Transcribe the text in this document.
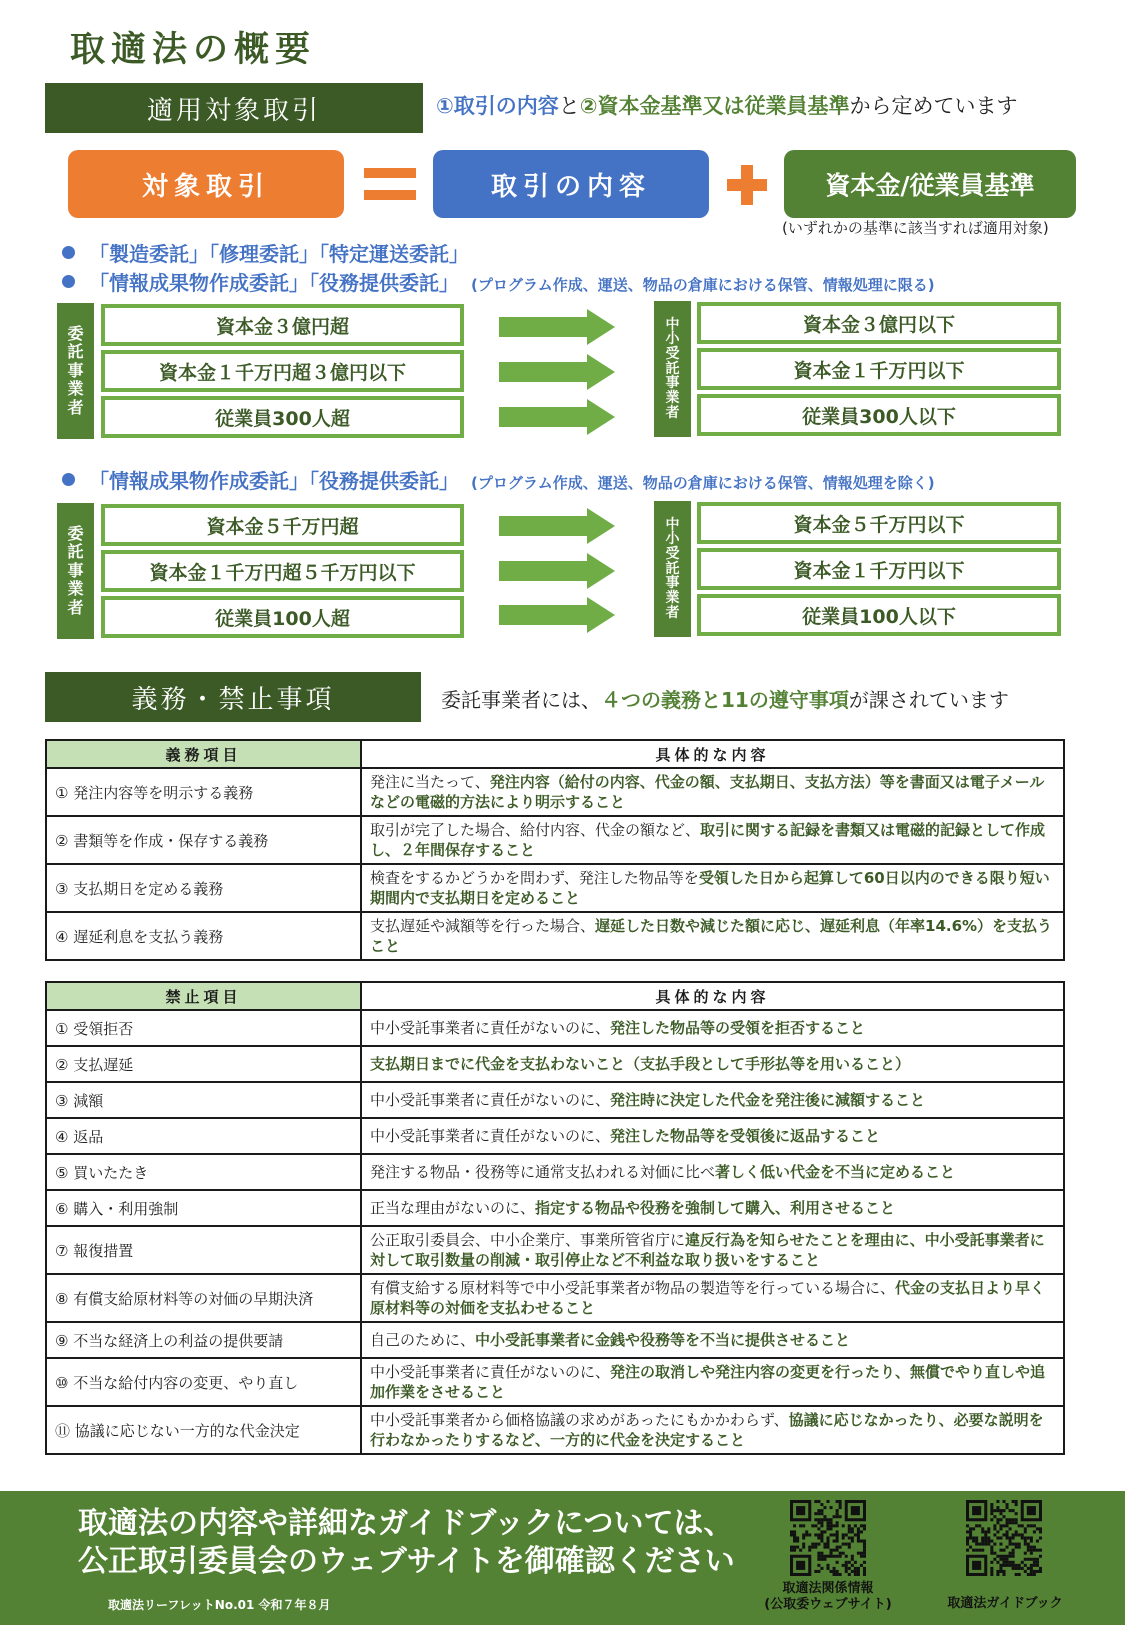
取適法の概要
適用対象取引	①取引の内容と②資本金基準又は従業員基準から定めています
対象取引	取引の内容	資本金/従業員基準
(いずれかの基準に該当すれば適用対象)
「製造委託」「修理委託」「特定運送委託」
「情報成果物作成委託」「役務提供委託」 (プログラム作成、運送、物品の倉庫における保管、情報処理に限る)
委
託
事
業
者
資本金３億円超
資本金１千万円超３億円以下
従業員300人超
中
小
受
託
事
業
者
資本金３億円以下
資本金１千万円以下
従業員300人以下
「情報成果物作成委託」「役務提供委託」 (プログラム作成、運送、物品の倉庫における保管、情報処理を除く)
委
託
事
業
者
資本金５千万円超
資本金１千万円超５千万円以下
従業員100人超
中
小
受
託
事
業
者
資本金５千万円以下
資本金１千万円以下
従業員100人以下
義務・禁止事項	委託事業者には、４つの義務と11の遵守事項が課されています
義務項目	具体的な内容
① 発注内容等を明示する義務	発注に当たって、発注内容（給付の内容、代金の額、支払期日、支払方法）等を書面又は電子メールなどの電磁的方法により明示すること
② 書類等を作成・保存する義務	取引が完了した場合、給付内容、代金の額など、取引に関する記録を書類又は電磁的記録として作成し、２年間保存すること
③ 支払期日を定める義務	検査をするかどうかを問わず、発注した物品等を受領した日から起算して60日以内のできる限り短い期間内で支払期日を定めること
④ 遅延利息を支払う義務	支払遅延や減額等を行った場合、遅延した日数や減じた額に応じ、遅延利息（年率14.6%）を支払うこと
禁止項目	具体的な内容
① 受領拒否	中小受託事業者に責任がないのに、発注した物品等の受領を拒否すること
② 支払遅延	支払期日までに代金を支払わないこと（支払手段として手形払等を用いること）
③ 減額	中小受託事業者に責任がないのに、発注時に決定した代金を発注後に減額すること
④ 返品	中小受託事業者に責任がないのに、発注した物品等を受領後に返品すること
⑤ 買いたたき	発注する物品・役務等に通常支払われる対価に比べ著しく低い代金を不当に定めること
⑥ 購入・利用強制	正当な理由がないのに、指定する物品や役務を強制して購入、利用させること
⑦ 報復措置	公正取引委員会、中小企業庁、事業所管省庁に違反行為を知らせたことを理由に、中小受託事業者に対して取引数量の削減・取引停止など不利益な取り扱いをすること
⑧ 有償支給原材料等の対価の早期決済	有償支給する原材料等で中小受託事業者が物品の製造等を行っている場合に、代金の支払日より早く原材料等の対価を支払わせること
⑨ 不当な経済上の利益の提供要請	自己のために、中小受託事業者に金銭や役務等を不当に提供させること
⑩ 不当な給付内容の変更、やり直し	中小受託事業者に責任がないのに、発注の取消しや発注内容の変更を行ったり、無償でやり直しや追加作業をさせること
⑪ 協議に応じない一方的な代金決定	中小受託事業者から価格協議の求めがあったにもかかわらず、協議に応じなかったり、必要な説明を行わなかったりするなど、一方的に代金を決定すること
取適法の内容や詳細なガイドブックについては、
公正取引委員会のウェブサイトを御確認ください
取適法リーフレットNo.01 令和７年８月
取適法関係情報
(公取委ウェブサイト)	取適法ガイドブック
